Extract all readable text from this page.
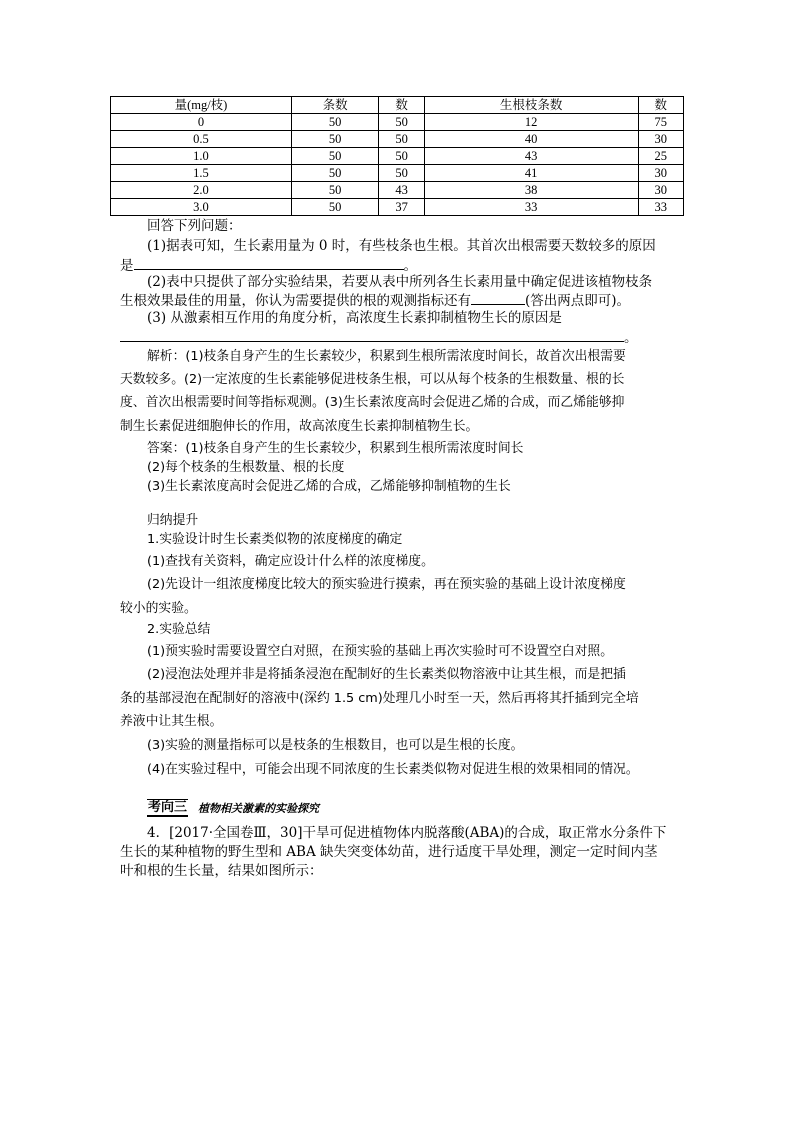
量(mg/枝)	条数	数	生根枝条数	数
0	50	50	12	75
0.5	50	50	40	30
1.0	50	50	43	25
1.5	50	50	41	30
2.0	50	43	38	30
3.0	50	37	33	33
回答下列问题：
(1)据表可知，生长素用量为 0 时，有些枝条也生根。其首次出根需要天数较多的原因
是	。
(2)表中只提供了部分实验结果，若要从表中所列各生长素用量中确定促进该植物枝条
生根效果最佳的用量，你认为需要提供的根的观测指标还有	(答出两点即可)。
(3) 从激素相互作用的角度分析，高浓度生长素抑制植物生长的原因是
。
解析：(1)枝条自身产生的生长素较少，积累到生根所需浓度时间长，故首次出根需要
天数较多。(2)一定浓度的生长素能够促进枝条生根，可以从每个枝条的生根数量、根的长
度、首次出根需要时间等指标观测。(3)生长素浓度高时会促进乙烯的合成，而乙烯能够抑
制生长素促进细胞伸长的作用，故高浓度生长素抑制植物生长。
答案：(1)枝条自身产生的生长素较少，积累到生根所需浓度时间长
(2)每个枝条的生根数量、根的长度
(3)生长素浓度高时会促进乙烯的合成，乙烯能够抑制植物的生长
归纳提升
1.实验设计时生长素类似物的浓度梯度的确定
(1)查找有关资料，确定应设计什么样的浓度梯度。
(2)先设计一组浓度梯度比较大的预实验进行摸索，再在预实验的基础上设计浓度梯度
较小的实验。
2.实验总结
(1)预实验时需要设置空白对照，在预实验的基础上再次实验时可不设置空白对照。
(2)浸泡法处理并非是将插条浸泡在配制好的生长素类似物溶液中让其生根，而是把插
条的基部浸泡在配制好的溶液中(深约 1.5 cm)处理几小时至一天，然后再将其扦插到完全培
养液中让其生根。
(3)实验的测量指标可以是枝条的生根数目，也可以是生根的长度。
(4)在实验过程中，可能会出现不同浓度的生长素类似物对促进生根的效果相同的情况。
考向三 植物相关激素的实验探究
4．[2017·全国卷Ⅲ，30]干旱可促进植物体内脱落酸(ABA)的合成，取正常水分条件下
生长的某种植物的野生型和 ABA 缺失突变体幼苗，进行适度干旱处理，测定一定时间内茎
叶和根的生长量，结果如图所示：
